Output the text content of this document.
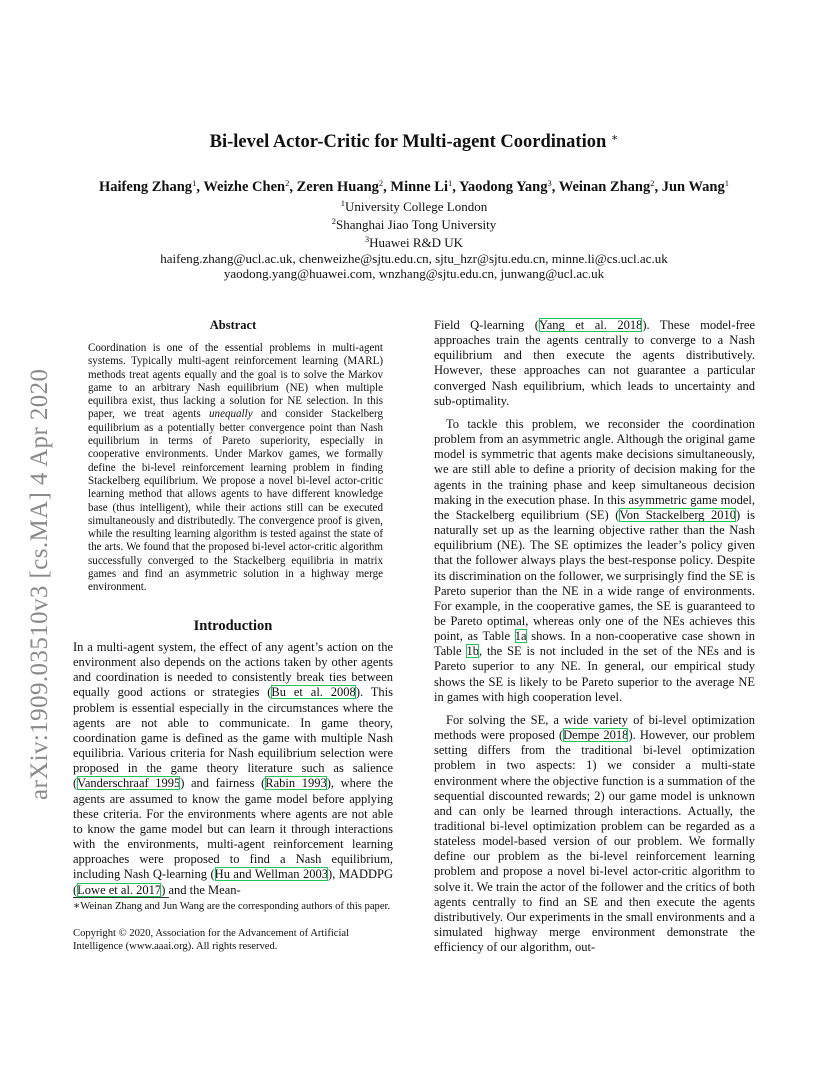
arXiv:1909.03510v3 [cs.MA] 4 Apr 2020
Bi-level Actor-Critic for Multi-agent Coordination ∗
Haifeng Zhang$^1$, Weizhe Chen$^2$, Zeren Huang$^2$, Minne Li$^1$, Yaodong Yang$^3$, Weinan Zhang$^2$, Jun Wang$^1$
$^1$University College London
$^2$Shanghai Jiao Tong University
$^3$Huawei R&D UK
haifeng.zhang@ucl.ac.uk, chenweizhe@sjtu.edu.cn, sjtu_hzr@sjtu.edu.cn, minne.li@cs.ucl.ac.uk
yaodong.yang@huawei.com, wnzhang@sjtu.edu.cn, junwang@ucl.ac.uk
Abstract
Coordination is one of the essential problems in multi-agent systems. Typically multi-agent reinforcement learning (MARL) methods treat agents equally and the goal is to solve the Markov game to an arbitrary Nash equilibrium (NE) when multiple equilibra exist, thus lacking a solution for NE selection. In this paper, we treat agents unequally and consider Stackelberg equilibrium as a potentially better convergence point than Nash equilibrium in terms of Pareto superiority, especially in cooperative environments. Under Markov games, we formally define the bi-level reinforcement learning problem in finding Stackelberg equilibrium. We propose a novel bi-level actor-critic learning method that allows agents to have different knowledge base (thus intelligent), while their actions still can be executed simultaneously and distributedly. The convergence proof is given, while the resulting learning algorithm is tested against the state of the arts. We found that the proposed bi-level actor-critic algorithm successfully converged to the Stackelberg equilibria in matrix games and find an asymmetric solution in a highway merge environment.
Introduction

In a multi-agent system, the effect of any agent’s action on the environment also depends on the actions taken by other agents and coordination is needed to consistently break ties between equally good actions or strategies (Bu et al. 2008). This problem is essential especially in the circumstances where the agents are not able to communicate. In game theory, coordination game is defined as the game with multiple Nash equilibria. Various criteria for Nash equilibrium selection were proposed in the game theory literature such as salience (Vanderschraaf 1995) and fairness (Rabin 1993), where the agents are assumed to know the game model before applying these criteria. For the environments where agents are not able to know the game model but can learn it through interactions with the environments, multi-agent reinforcement learning approaches were proposed to find a Nash equilibrium, including Nash Q-learning (Hu and Wellman 2003), MADDPG (Lowe et al. 2017) and the Mean-

∗Weinan Zhang and Jun Wang are the corresponding authors of this paper.
Copyright © 2020, Association for the Advancement of Artificial Intelligence (www.aaai.org). All rights reserved.

Field Q-learning (Yang et al. 2018). These model-free approaches train the agents centrally to converge to a Nash equilibrium and then execute the agents distributively. However, these approaches can not guarantee a particular converged Nash equilibrium, which leads to uncertainty and sub-optimality.

To tackle this problem, we reconsider the coordination problem from an asymmetric angle. Although the original game model is symmetric that agents make decisions simultaneously, we are still able to define a priority of decision making for the agents in the training phase and keep simultaneous decision making in the execution phase. In this asymmetric game model, the Stackelberg equilibrium (SE) (Von Stackelberg 2010) is naturally set up as the learning objective rather than the Nash equilibrium (NE). The SE optimizes the leader’s policy given that the follower always plays the best-response policy. Despite its discrimination on the follower, we surprisingly find the SE is Pareto superior than the NE in a wide range of environments. For example, in the cooperative games, the SE is guaranteed to be Pareto optimal, whereas only one of the NEs achieves this point, as Table 1a shows. In a non-cooperative case shown in Table 1b, the SE is not included in the set of the NEs and is Pareto superior to any NE. In general, our empirical study shows the SE is likely to be Pareto superior to the average NE in games with high cooperation level.

For solving the SE, a wide variety of bi-level optimization methods were proposed (Dempe 2018). However, our problem setting differs from the traditional bi-level optimization problem in two aspects: 1) we consider a multi-state environment where the objective function is a summation of the sequential discounted rewards; 2) our game model is unknown and can only be learned through interactions. Actually, the traditional bi-level optimization problem can be regarded as a stateless model-based version of our problem. We formally define our problem as the bi-level reinforcement learning problem and propose a novel bi-level actor-critic algorithm to solve it. We train the actor of the follower and the critics of both agents centrally to find an SE and then execute the agents distributively. Our experiments in the small environments and a simulated highway merge environment demonstrate the efficiency of our algorithm, out-
